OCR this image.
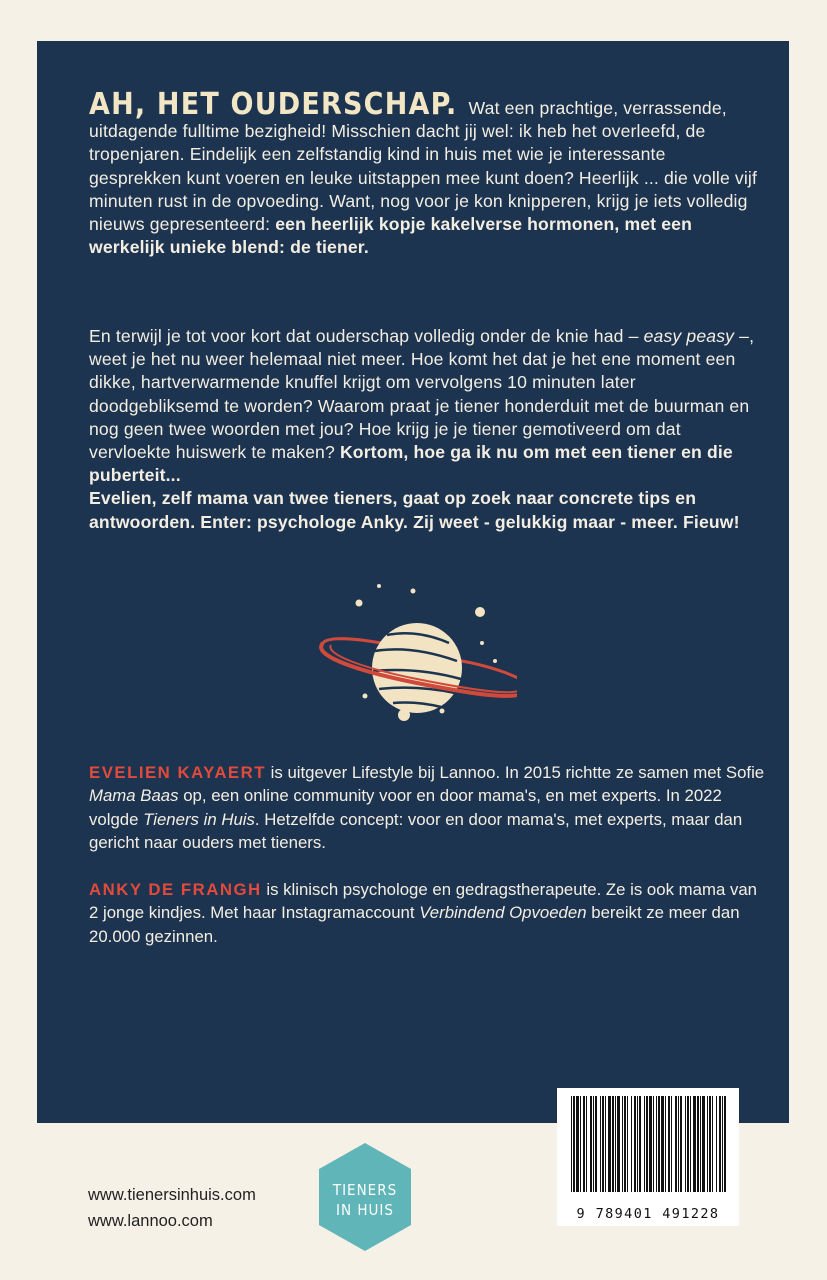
AH, HET OUDERSCHAP. Wat een prachtige, verrassende, uitdagende fulltime bezigheid! Misschien dacht jij wel: ik heb het overleefd, de tropenjaren. Eindelijk een zelfstandig kind in huis met wie je interessante gesprekken kunt voeren en leuke uitstappen mee kunt doen? Heerlijk ... die volle vijf minuten rust in de opvoeding. Want, nog voor je kon knipperen, krijg je iets volledig nieuws gepresenteerd: een heerlijk kopje kakelverse hormonen, met een werkelijk unieke blend: de tiener.
En terwijl je tot voor kort dat ouderschap volledig onder de knie had – easy peasy –, weet je het nu weer helemaal niet meer. Hoe komt het dat je het ene moment een dikke, hartverwarmende knuffel krijgt om vervolgens 10 minuten later doodgebliksemd te worden? Waarom praat je tiener honderduit met de buurman en nog geen twee woorden met jou? Hoe krijg je je tiener gemotiveerd om dat vervloekte huiswerk te maken? Kortom, hoe ga ik nu om met een tiener en die puberteit...
Evelien, zelf mama van twee tieners, gaat op zoek naar concrete tips en antwoorden. Enter: psychologe Anky. Zij weet - gelukkig maar - meer. Fieuw!
EVELIEN KAYAERT is uitgever Lifestyle bij Lannoo. In 2015 richtte ze samen met Sofie Mama Baas op, een online community voor en door mama's, en met experts. In 2022 volgde Tieners in Huis. Hetzelfde concept: voor en door mama's, met experts, maar dan gericht naar ouders met tieners.
ANKY DE FRANGH is klinisch psychologe en gedragstherapeute. Ze is ook mama van 2 jonge kindjes. Met haar Instagramaccount Verbindend Opvoeden bereikt ze meer dan 20.000 gezinnen.
9 789401 491228
www.tienersinhuis.com
www.lannoo.com
TIENERS
IN HUIS
